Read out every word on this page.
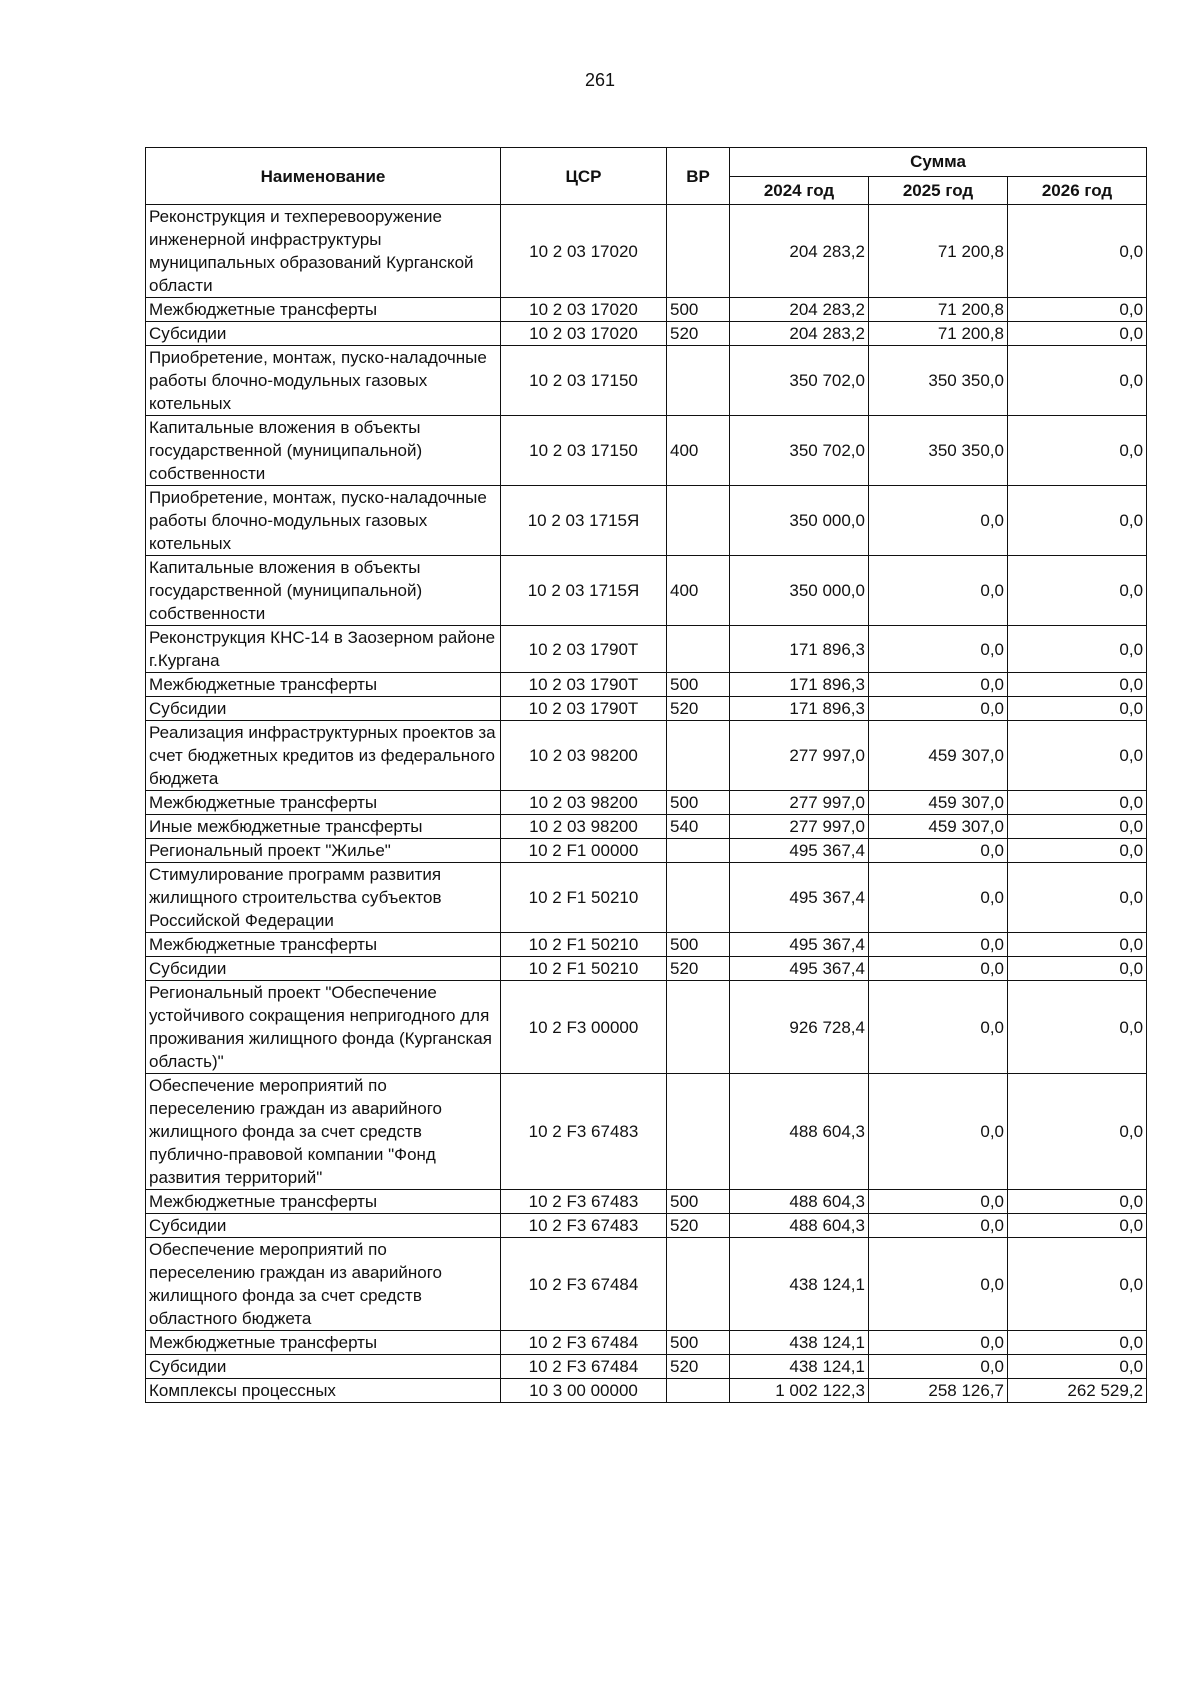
261
Наименование	ЦСР	ВР	Сумма		
			2024 год	2025 год	2026 год
Реконструкция и техперевооружение инженерной инфраструктуры муниципальных образований Курганской области	10 2 03 17020		204 283,2	71 200,8	0,0
Межбюджетные трансферты	10 2 03 17020	500	204 283,2	71 200,8	0,0
Субсидии	10 2 03 17020	520	204 283,2	71 200,8	0,0
Приобретение, монтаж, пуско-наладочные работы блочно-модульных газовых котельных	10 2 03 17150		350 702,0	350 350,0	0,0
Капитальные вложения в объекты государственной (муниципальной) собственности	10 2 03 17150	400	350 702,0	350 350,0	0,0
Приобретение, монтаж, пуско-наладочные работы блочно-модульных газовых котельных	10 2 03 1715Я		350 000,0	0,0	0,0
Капитальные вложения в объекты государственной (муниципальной) собственности	10 2 03 1715Я	400	350 000,0	0,0	0,0
Реконструкция КНС-14 в Заозерном районе г.Кургана	10 2 03 1790Т		171 896,3	0,0	0,0
Межбюджетные трансферты	10 2 03 1790Т	500	171 896,3	0,0	0,0
Субсидии	10 2 03 1790Т	520	171 896,3	0,0	0,0
Реализация инфраструктурных проектов за счет бюджетных кредитов из федерального бюджета	10 2 03 98200		277 997,0	459 307,0	0,0
Межбюджетные трансферты	10 2 03 98200	500	277 997,0	459 307,0	0,0
Иные межбюджетные трансферты	10 2 03 98200	540	277 997,0	459 307,0	0,0
Региональный проект "Жилье"	10 2 F1 00000		495 367,4	0,0	0,0
Стимулирование программ развития жилищного строительства субъектов Российской Федерации	10 2 F1 50210		495 367,4	0,0	0,0
Межбюджетные трансферты	10 2 F1 50210	500	495 367,4	0,0	0,0
Субсидии	10 2 F1 50210	520	495 367,4	0,0	0,0
Региональный проект "Обеспечение устойчивого сокращения непригодного для проживания жилищного фонда (Курганская область)"	10 2 F3 00000		926 728,4	0,0	0,0
Обеспечение мероприятий по переселению граждан из аварийного жилищного фонда за счет средств публично-правовой компании "Фонд развития территорий"	10 2 F3 67483		488 604,3	0,0	0,0
Межбюджетные трансферты	10 2 F3 67483	500	488 604,3	0,0	0,0
Субсидии	10 2 F3 67483	520	488 604,3	0,0	0,0
Обеспечение мероприятий по переселению граждан из аварийного жилищного фонда за счет средств областного бюджета	10 2 F3 67484		438 124,1	0,0	0,0
Межбюджетные трансферты	10 2 F3 67484	500	438 124,1	0,0	0,0
Субсидии	10 2 F3 67484	520	438 124,1	0,0	0,0
Комплексы процессных	10 3 00 00000		1 002 122,3	258 126,7	262 529,2
